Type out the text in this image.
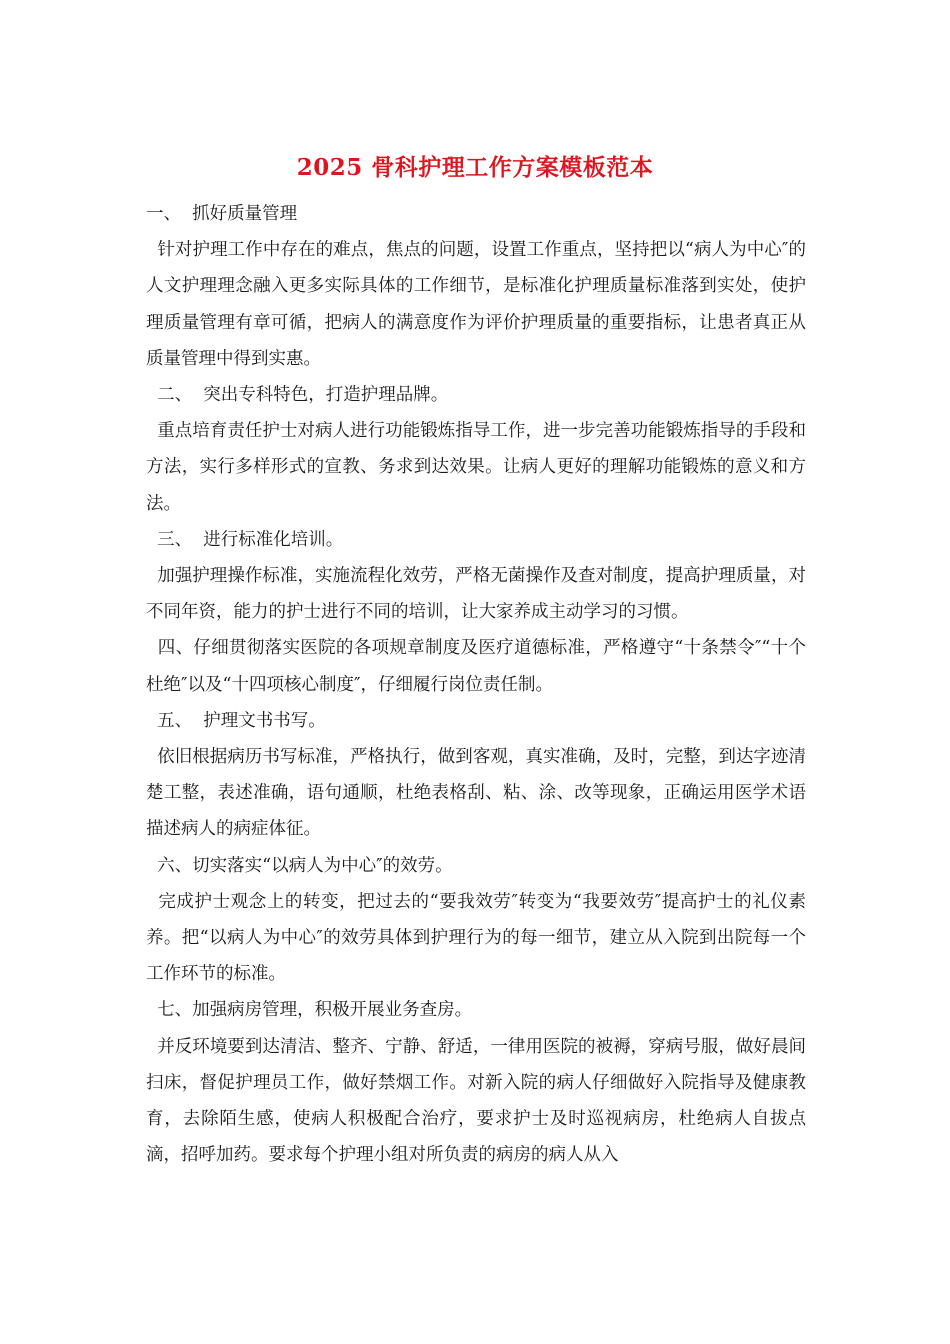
2025 骨科护理工作方案模板范本

一、  抓好质量管理

针对护理工作中存在的难点，焦点的问题，设置工作重点，坚持把以“病人为中心″的人文护理理念融入更多实际具体的工作细节，是标准化护理质量标准落到实处，使护理质量管理有章可循，把病人的满意度作为评价护理质量的重要指标，让患者真正从质量管理中得到实惠。

二、  突出专科特色，打造护理品牌。

重点培育责任护士对病人进行功能锻炼指导工作，进一步完善功能锻炼指导的手段和方法，实行多样形式的宣教、务求到达效果。让病人更好的理解功能锻炼的意义和方法。

三、  进行标准化培训。

加强护理操作标准，实施流程化效劳，严格无菌操作及查对制度，提高护理质量，对不同年资，能力的护士进行不同的培训，让大家养成主动学习的习惯。

四、仔细贯彻落实医院的各项规章制度及医疗道德标准，严格遵守“十条禁令″“十个杜绝″以及“十四项核心制度″，仔细履行岗位责任制。

五、  护理文书书写。

依旧根据病历书写标准，严格执行，做到客观，真实准确，及时，完整，到达字迹清楚工整，表述准确，语句通顺，杜绝表格刮、粘、涂、改等现象，正确运用医学术语描述病人的病症体征。

六、切实落实“以病人为中心″的效劳。

完成护士观念上的转变，把过去的“要我效劳″转变为“我要效劳″提高护士的礼仪素养。把“以病人为中心″的效劳具体到护理行为的每一细节，建立从入院到出院每一个工作环节的标准。

七、加强病房管理，积极开展业务查房。

并反环境要到达清洁、整齐、宁静、舒适，一律用医院的被褥，穿病号服，做好晨间扫床，督促护理员工作，做好禁烟工作。对新入院的病人仔细做好入院指导及健康教育，去除陌生感，使病人积极配合治疗，要求护士及时巡视病房，杜绝病人自拔点滴，招呼加药。要求每个护理小组对所负责的病房的病人从入
